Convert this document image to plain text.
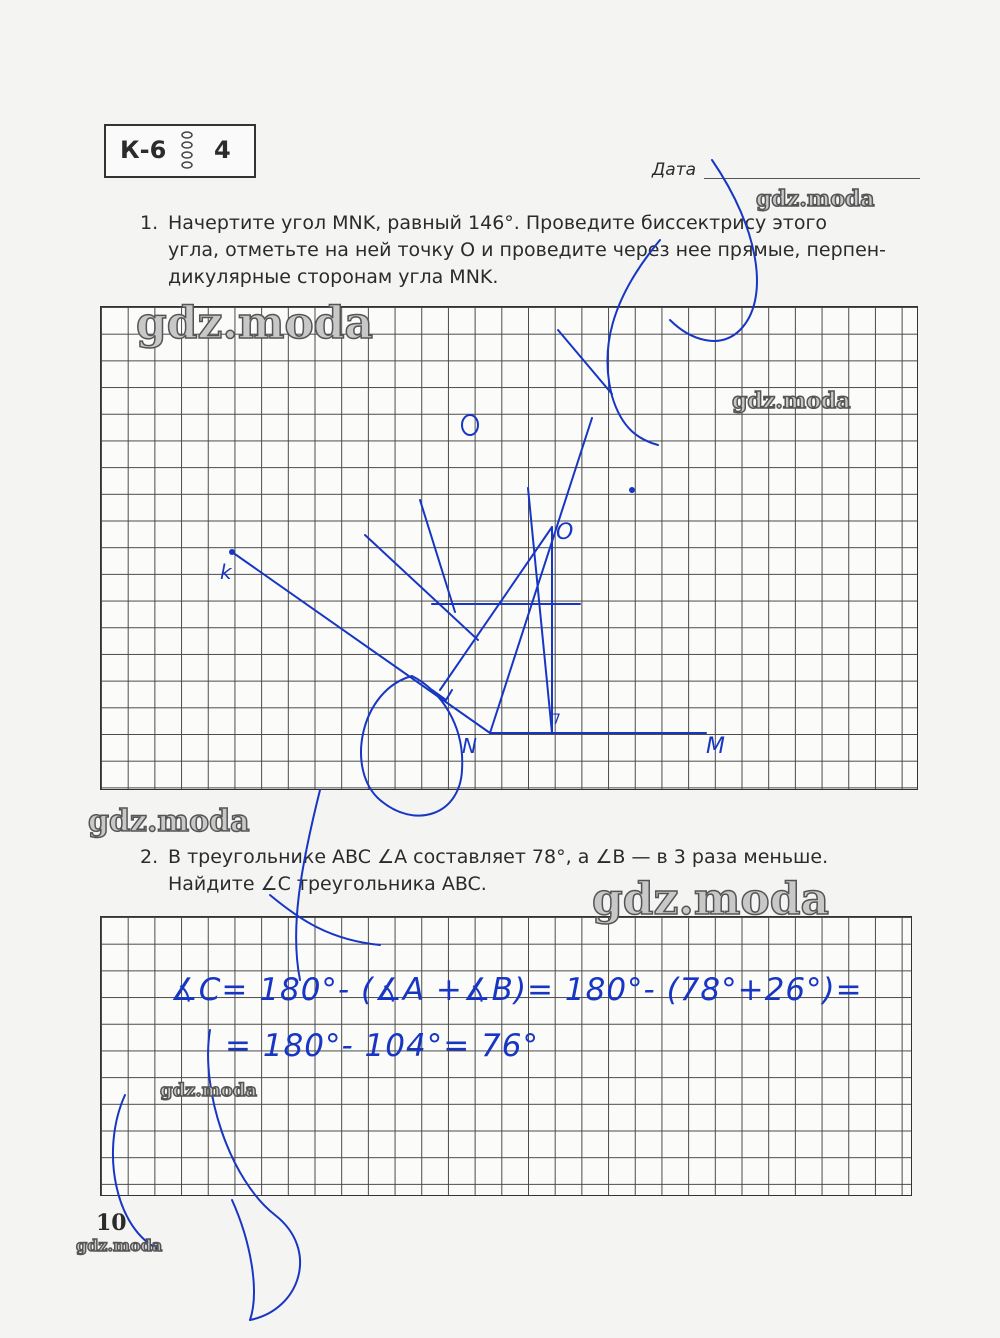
К-6 4
Дата
1. Начертите угол MNK, равный 146°. Проведите биссектрису этого
угла, отметьте на ней точку O и проведите через нее прямые, перпен-
дикулярные сторонам угла MNK.
2. В треугольнике ABC ∠A составляет 78°, а ∠B — в 3 раза меньше.
Найдите ∠C треугольника ABC.
k
N	M
O
7
∡C= 180°- (∡A +∡B)= 180°- (78°+26°)=
= 180°- 104°= 76°
gdz.moda
gdz.moda
gdz.moda
gdz.moda
gdz.moda
gdz.moda
gdz.moda
10
